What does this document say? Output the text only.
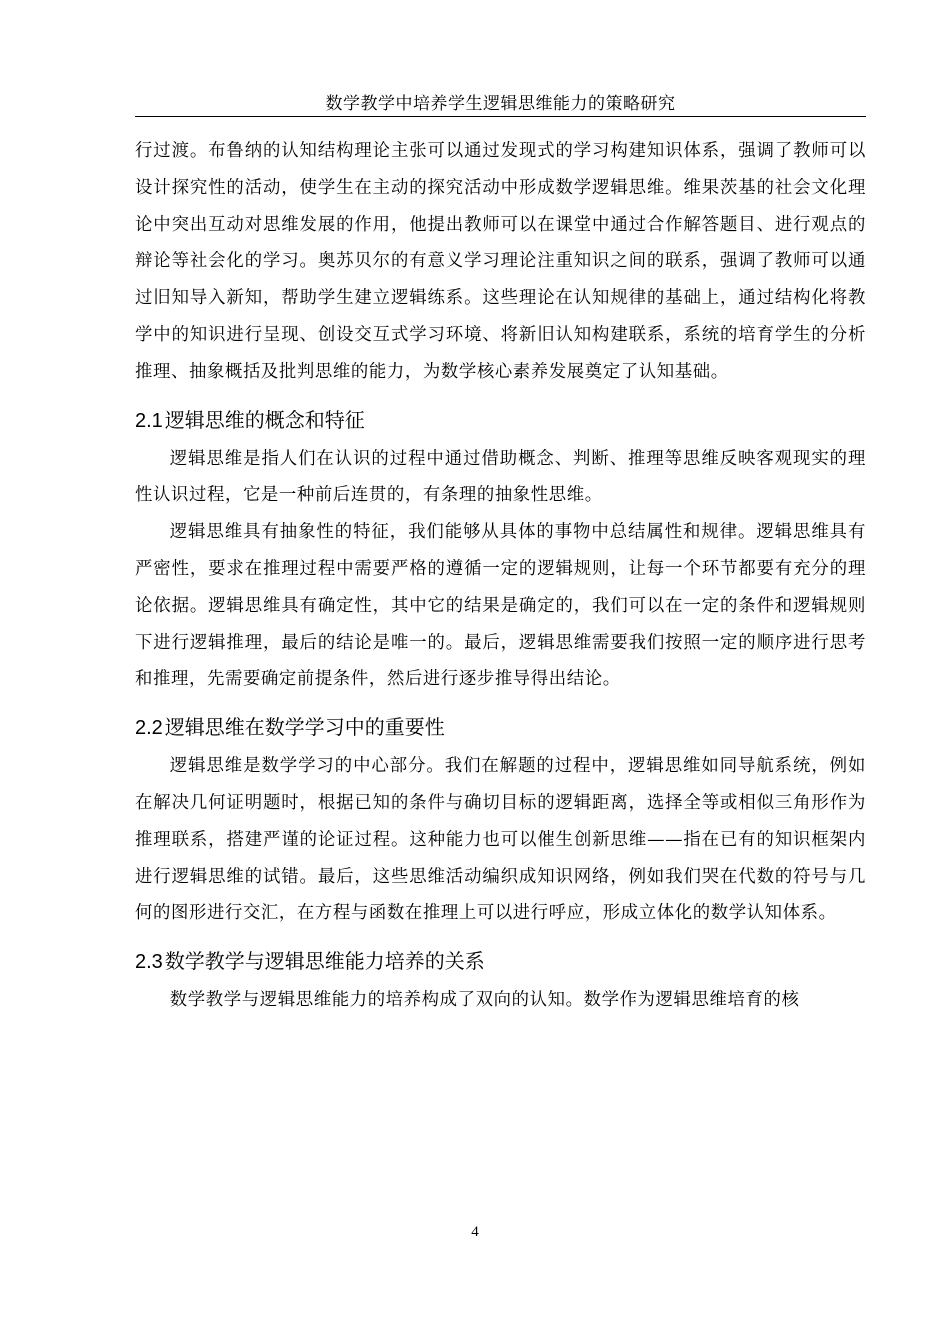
数学教学中培养学生逻辑思维能力的策略研究

行过渡。布鲁纳的认知结构理论主张可以通过发现式的学习构建知识体系，强调了教师可以设计探究性的活动，使学生在主动的探究活动中形成数学逻辑思维。维果茨基的社会文化理论中突出互动对思维发展的作用，他提出教师可以在课堂中通过合作解答题目、进行观点的辩论等社会化的学习。奥苏贝尔的有意义学习理论注重知识之间的联系，强调了教师可以通过旧知导入新知，帮助学生建立逻辑练系。这些理论在认知规律的基础上，通过结构化将教学中的知识进行呈现、创设交互式学习环境、将新旧认知构建联系，系统的培育学生的分析推理、抽象概括及批判思维的能力，为数学核心素养发展奠定了认知基础。

2.1 逻辑思维的概念和特征

逻辑思维是指人们在认识的过程中通过借助概念、判断、推理等思维反映客观现实的理性认识过程，它是一种前后连贯的，有条理的抽象性思维。

逻辑思维具有抽象性的特征，我们能够从具体的事物中总结属性和规律。逻辑思维具有严密性，要求在推理过程中需要严格的遵循一定的逻辑规则，让每一个环节都要有充分的理论依据。逻辑思维具有确定性，其中它的结果是确定的，我们可以在一定的条件和逻辑规则下进行逻辑推理，最后的结论是唯一的。最后，逻辑思维需要我们按照一定的顺序进行思考和推理，先需要确定前提条件，然后进行逐步推导得出结论。

2.2 逻辑思维在数学学习中的重要性

逻辑思维是数学学习的中心部分。我们在解题的过程中，逻辑思维如同导航系统，例如在解决几何证明题时，根据已知的条件与确切目标的逻辑距离，选择全等或相似三角形作为推理联系，搭建严谨的论证过程。这种能力也可以催生创新思维——指在已有的知识框架内进行逻辑思维的试错。最后，这些思维活动编织成知识网络，例如我们哭在代数的符号与几何的图形进行交汇，在方程与函数在推理上可以进行呼应，形成立体化的数学认知体系。

2.3 数学教学与逻辑思维能力培养的关系

数学教学与逻辑思维能力的培养构成了双向的认知。数学作为逻辑思维培育的核

4
